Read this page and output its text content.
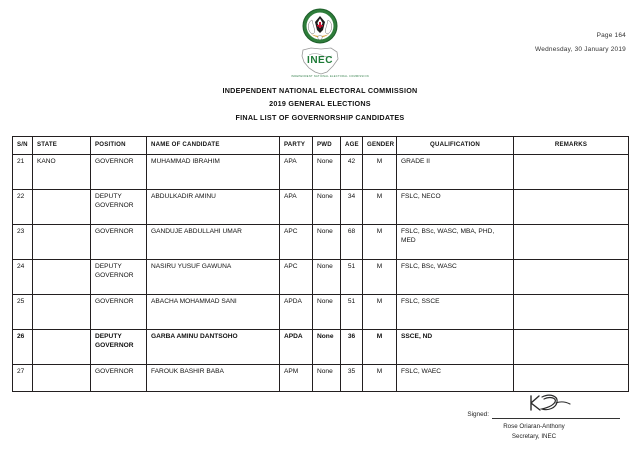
INEC
INDEPENDENT NATIONAL ELECTORAL COMMISSION
Page 164
Wednesday, 30 January 2019
INDEPENDENT NATIONAL ELECTORAL COMMISSION
2019 GENERAL ELECTIONS
FINAL LIST OF GOVERNORSHIP CANDIDATES
S/N	STATE	POSITION	NAME OF CANDIDATE	PARTY	PWD	AGE	GENDER	QUALIFICATION	REMARKS
21	KANO	GOVERNOR	MUHAMMAD IBRAHIM	APA	None	42	M	GRADE II	
22		DEPUTY GOVERNOR	ABDULKADIR AMINU	APA	None	34	M	FSLC, NECO	
23		GOVERNOR	GANDUJE ABDULLAHI UMAR	APC	None	68	M	FSLC, BSc, WASC, MBA, PHD, MED	
24		DEPUTY GOVERNOR	NASIRU YUSUF GAWUNA	APC	None	51	M	FSLC, BSc, WASC	
25		GOVERNOR	ABACHA MOHAMMAD SANI	APDA	None	51	M	FSLC, SSCE	
26		DEPUTY GOVERNOR	GARBA AMINU DANTSOHO	APDA	None	36	M	SSCE, ND	
27		GOVERNOR	FAROUK BASHIR BABA	APM	None	35	M	FSLC, WAEC	
Signed:
Rose Oriaran-Anthony
Secretary, INEC
